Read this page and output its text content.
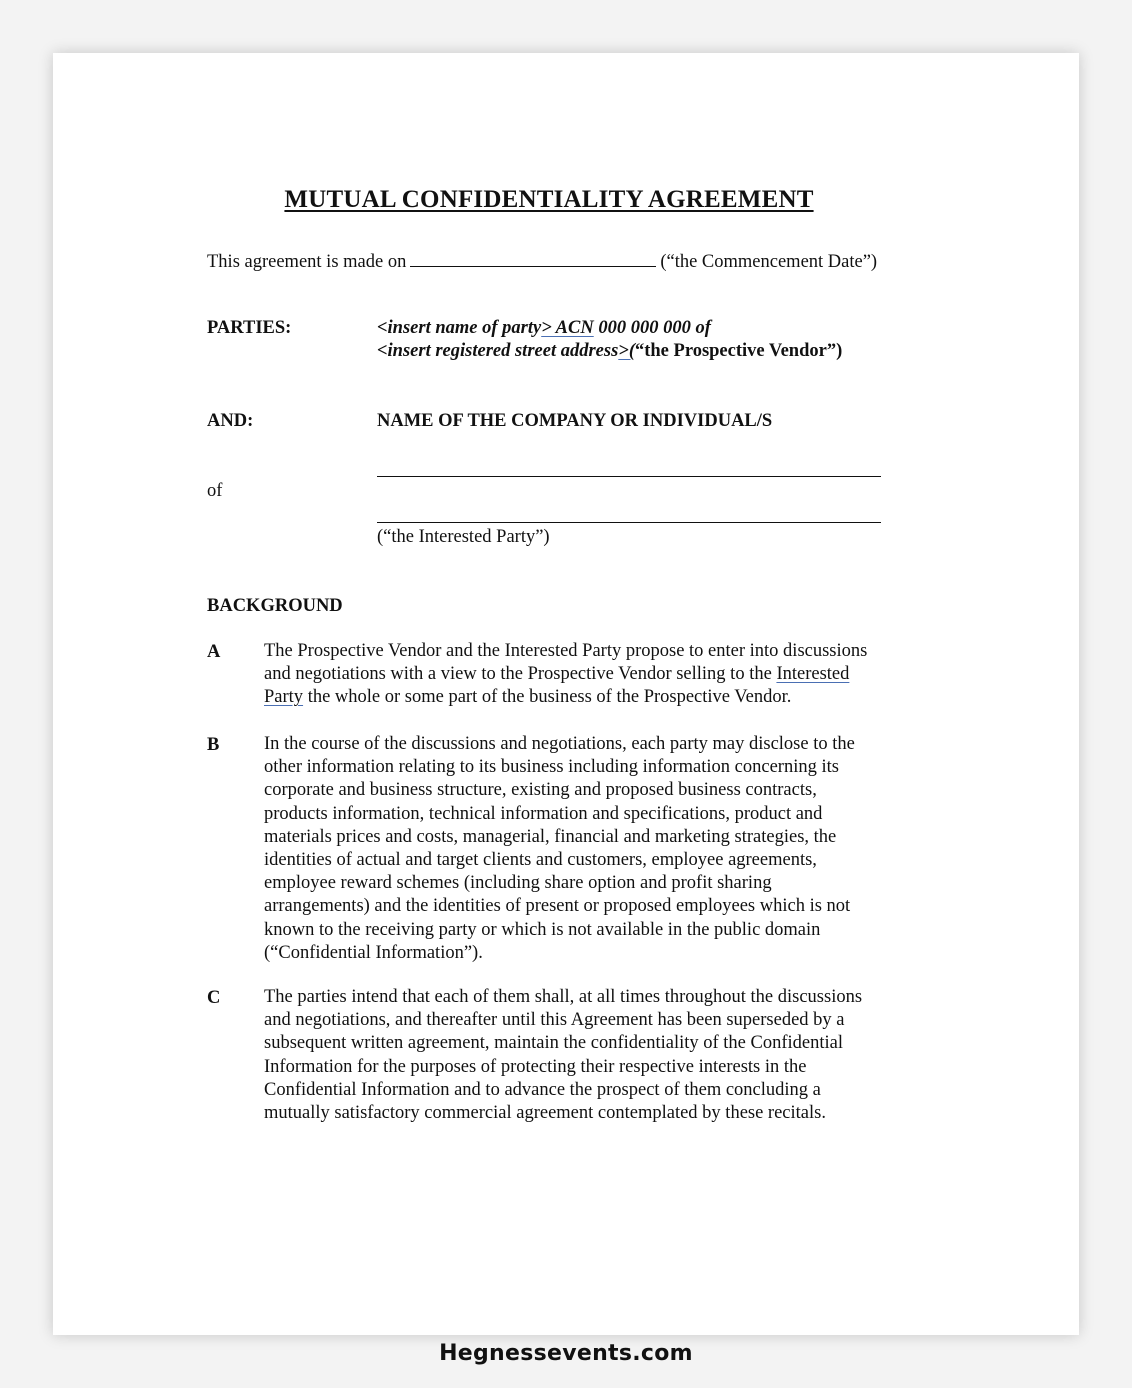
MUTUAL CONFIDENTIALITY AGREEMENT
This agreement is made on	(“the Commencement Date”)
PARTIES:	<insert name of party> ACN 000 000 000 of
<insert registered street address>(“the Prospective Vendor”)
AND:	NAME OF THE COMPANY OR INDIVIDUAL/S
of
(“the Interested Party”)
BACKGROUND
A The Prospective Vendor and the Interested Party propose to enter into discussions
and negotiations with a view to the Prospective Vendor selling to the Interested
Party the whole or some part of the business of the Prospective Vendor.
B In the course of the discussions and negotiations, each party may disclose to the
other information relating to its business including information concerning its
corporate and business structure, existing and proposed business contracts,
products information, technical information and specifications, product and
materials prices and costs, managerial, financial and marketing strategies, the
identities of actual and target clients and customers, employee agreements,
employee reward schemes (including share option and profit sharing
arrangements) and the identities of present or proposed employees which is not
known to the receiving party or which is not available in the public domain
(“Confidential Information”).
C The parties intend that each of them shall, at all times throughout the discussions
and negotiations, and thereafter until this Agreement has been superseded by a
subsequent written agreement, maintain the confidentiality of the Confidential
Information for the purposes of protecting their respective interests in the
Confidential Information and to advance the prospect of them concluding a
mutually satisfactory commercial agreement contemplated by these recitals.
Hegnessevents.com
